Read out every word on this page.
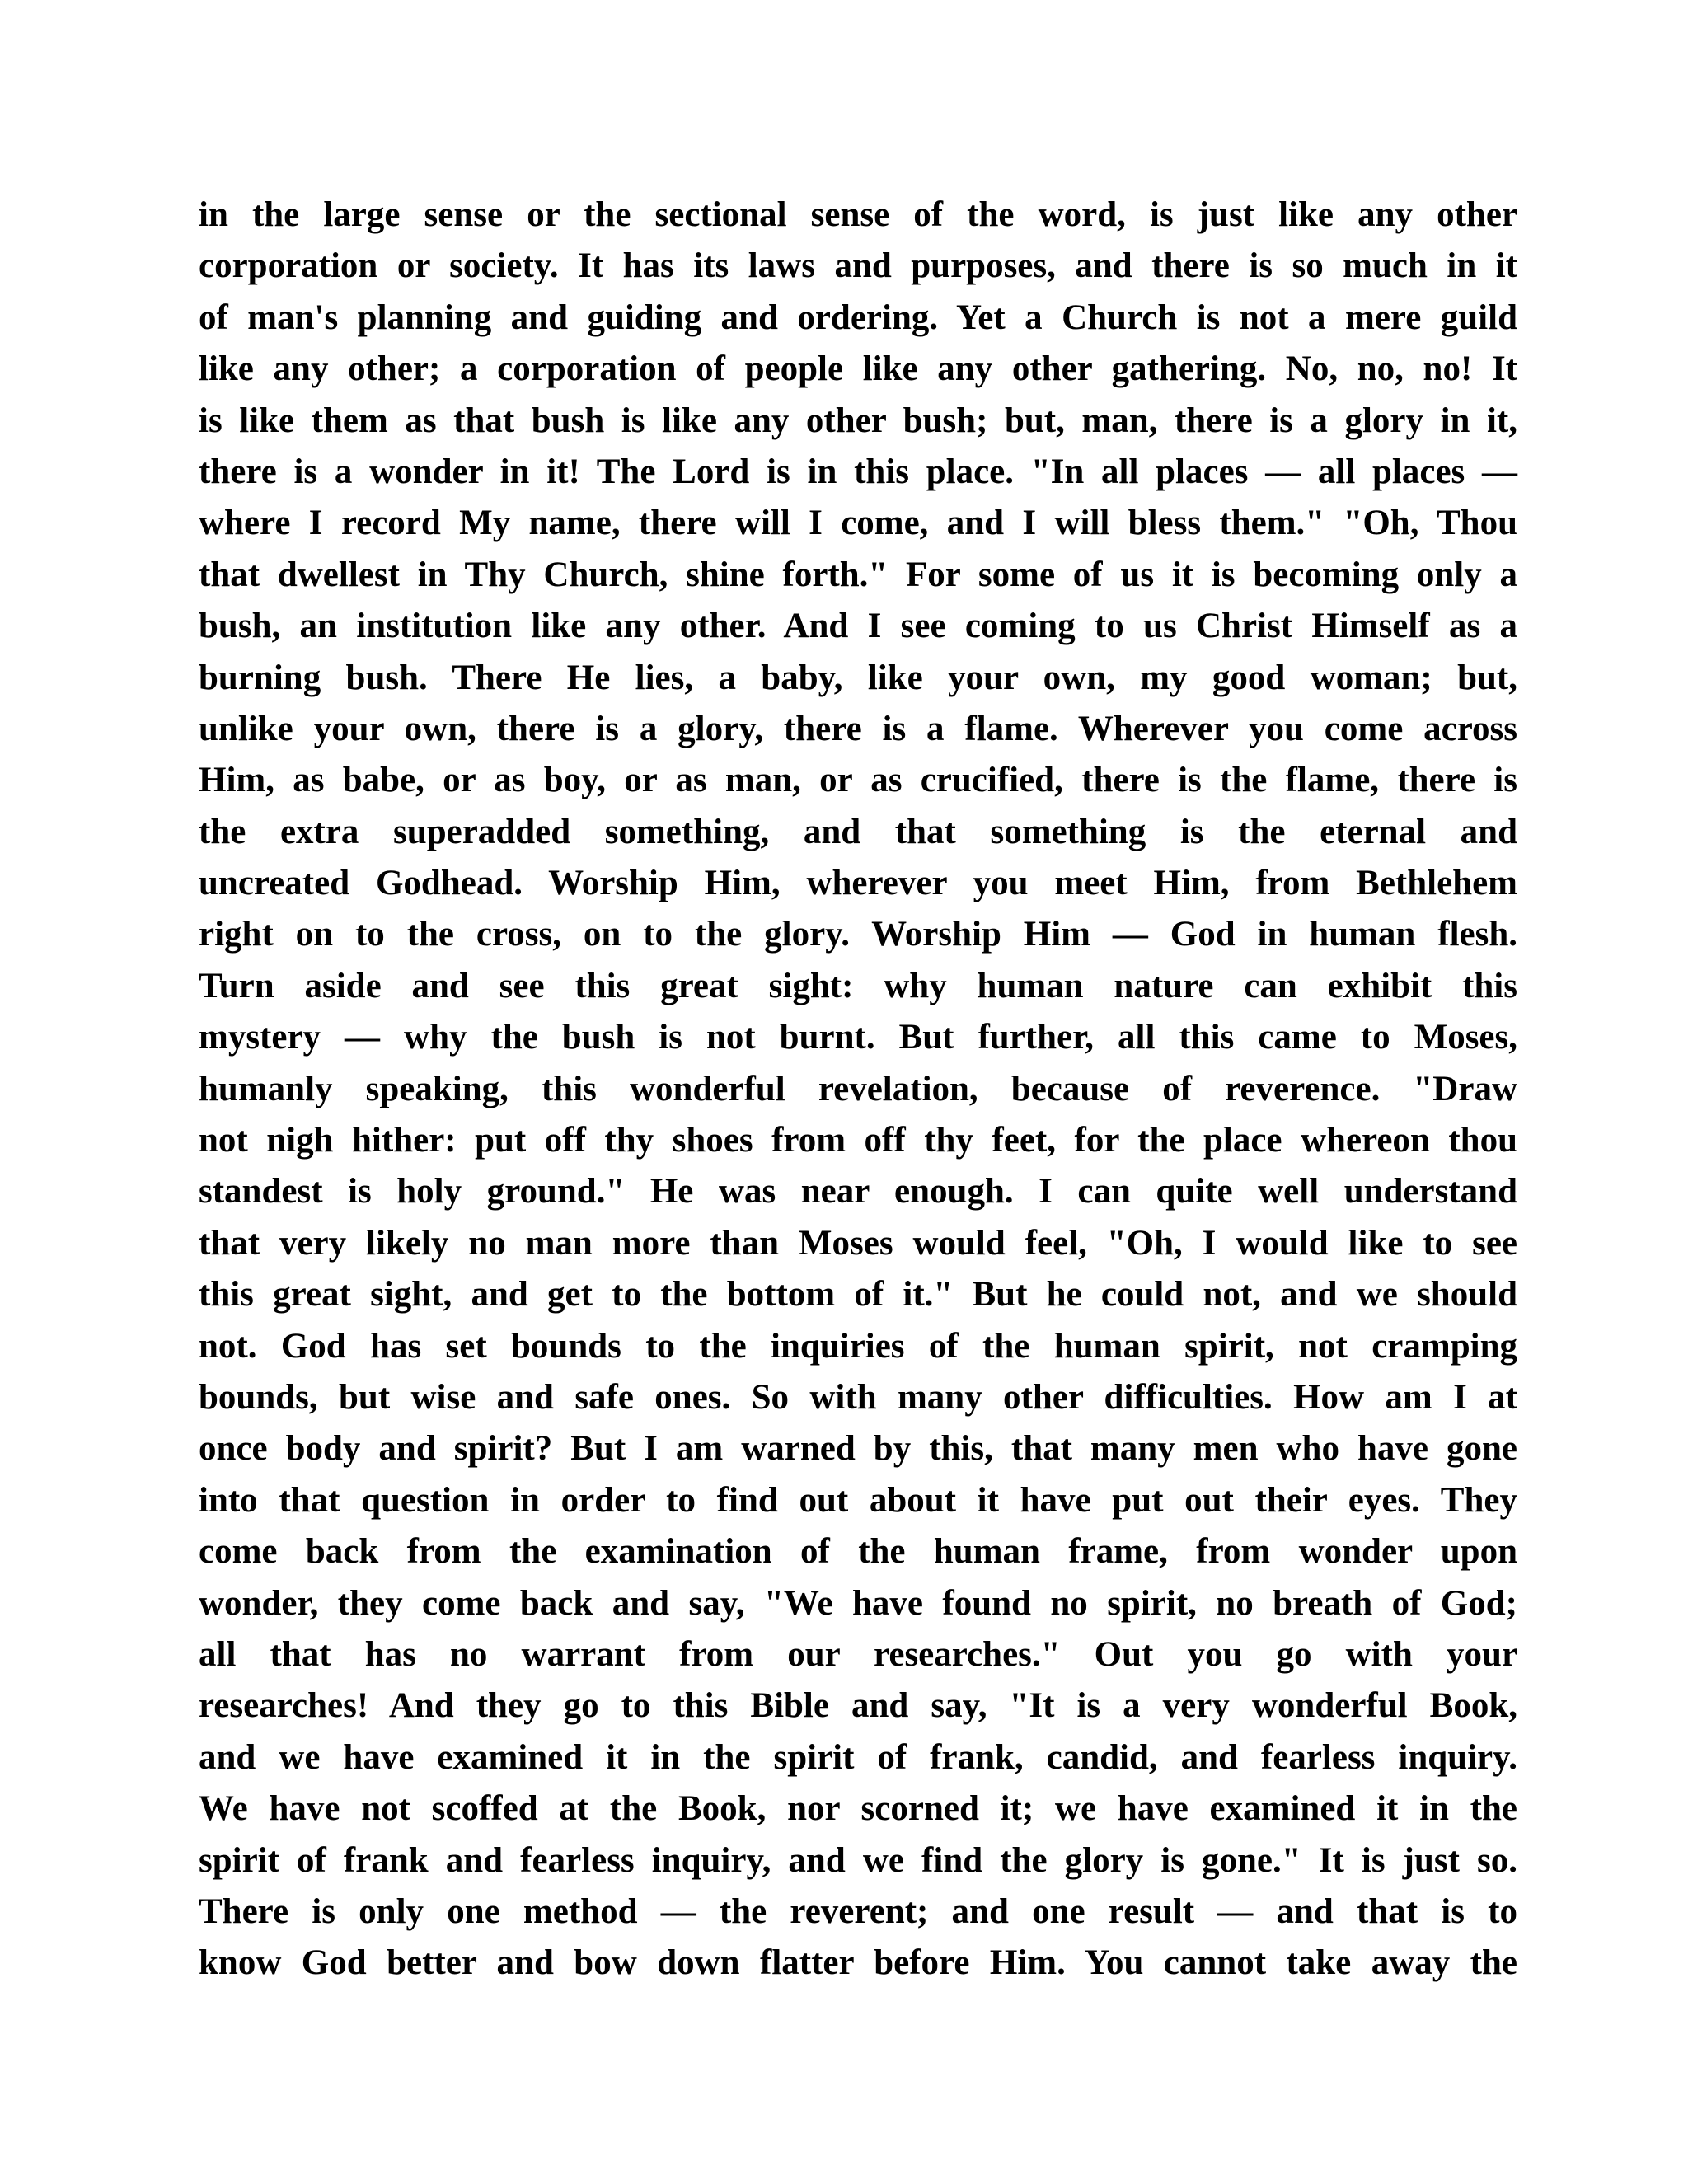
in the large sense or the sectional sense of the word, is just like any other
corporation or society. It has its laws and purposes, and there is so much in it
of man's planning and guiding and ordering. Yet a Church is not a mere guild
like any other; a corporation of people like any other gathering. No, no, no! It
is like them as that bush is like any other bush; but, man, there is a glory in it,
there is a wonder in it! The Lord is in this place. "In all places — all places —
where I record My name, there will I come, and I will bless them." "Oh, Thou
that dwellest in Thy Church, shine forth." For some of us it is becoming only a
bush, an institution like any other. And I see coming to us Christ Himself as a
burning bush. There He lies, a baby, like your own, my good woman; but,
unlike your own, there is a glory, there is a flame. Wherever you come across
Him, as babe, or as boy, or as man, or as crucified, there is the flame, there is
the extra superadded something, and that something is the eternal and
uncreated Godhead. Worship Him, wherever you meet Him, from Bethlehem
right on to the cross, on to the glory. Worship Him — God in human flesh.
Turn aside and see this great sight: why human nature can exhibit this
mystery — why the bush is not burnt. But further, all this came to Moses,
humanly speaking, this wonderful revelation, because of reverence. "Draw
not nigh hither: put off thy shoes from off thy feet, for the place whereon thou
standest is holy ground." He was near enough. I can quite well understand
that very likely no man more than Moses would feel, "Oh, I would like to see
this great sight, and get to the bottom of it." But he could not, and we should
not. God has set bounds to the inquiries of the human spirit, not cramping
bounds, but wise and safe ones. So with many other difficulties. How am I at
once body and spirit? But I am warned by this, that many men who have gone
into that question in order to find out about it have put out their eyes. They
come back from the examination of the human frame, from wonder upon
wonder, they come back and say, "We have found no spirit, no breath of God;
all that has no warrant from our researches." Out you go with your
researches! And they go to this Bible and say, "It is a very wonderful Book,
and we have examined it in the spirit of frank, candid, and fearless inquiry.
We have not scoffed at the Book, nor scorned it; we have examined it in the
spirit of frank and fearless inquiry, and we find the glory is gone." It is just so.
There is only one method — the reverent; and one result — and that is to
know God better and bow down flatter before Him. You cannot take away the
